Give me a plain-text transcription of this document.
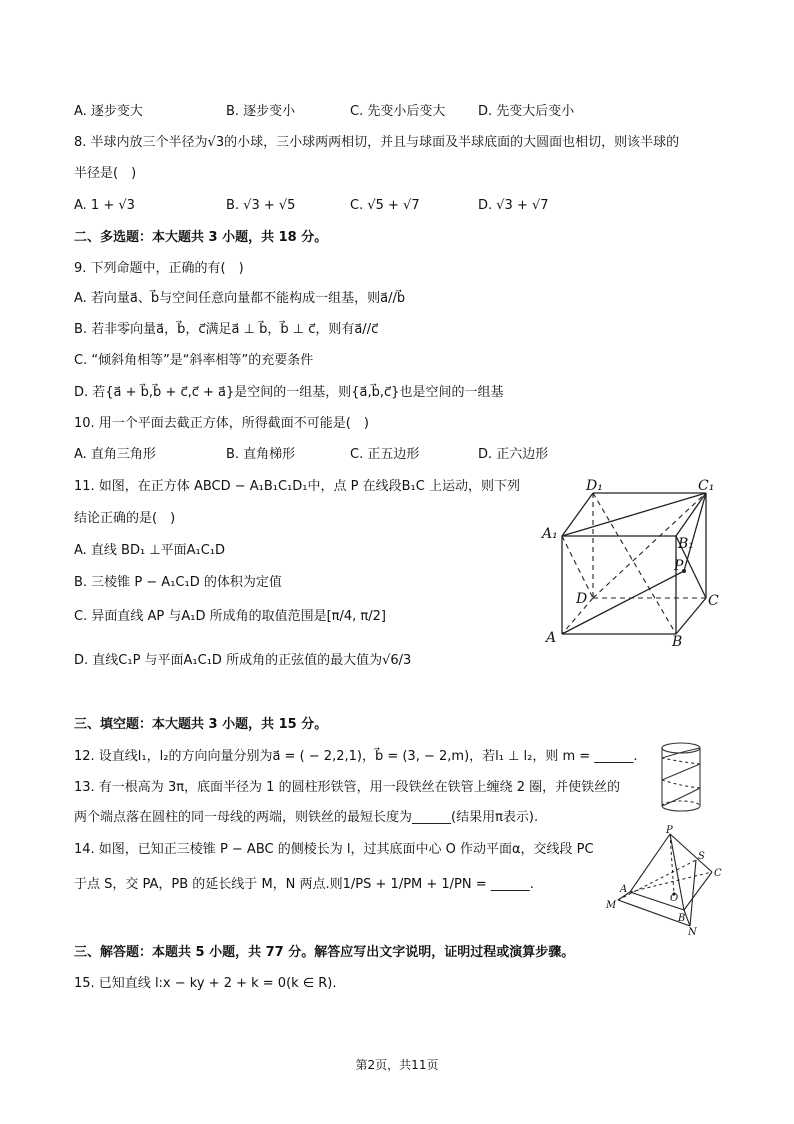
A. 逐步变大	B. 逐步变小	C. 先变小后变大	D. 先变大后变小
8. 半球内放三个半径为√3的小球，三小球两两相切，并且与球面及半球底面的大圆面也相切，则该半球的
半径是(　)
A. 1 + √3	B. √3 + √5	C. √5 + √7	D. √3 + √7
二、多选题：本大题共 3 小题，共 18 分。
9. 下列命题中，正确的有(　)
A. 若向量a⃗、b⃗与空间任意向量都不能构成一组基，则a⃗//b⃗
B. 若非零向量a⃗，b⃗，c⃗满足a⃗ ⊥ b⃗，b⃗ ⊥ c⃗，则有a⃗//c⃗
C. “倾斜角相等”是“斜率相等”的充要条件
D. 若{a⃗ + b⃗,b⃗ + c⃗,c⃗ + a⃗}是空间的一组基，则{a⃗,b⃗,c⃗}也是空间的一组基
10. 用一个平面去截正方体，所得截面不可能是(　)
A. 直角三角形	B. 直角梯形	C. 正五边形	D. 正六边形
11. 如图，在正方体 ABCD − A₁B₁C₁D₁中，点 P 在线段B₁C 上运动，则下列
结论正确的是(　)
A. 直线 BD₁ ⊥平面A₁C₁D
B. 三棱锥 P − A₁C₁D 的体积为定值
C. 异面直线 AP 与A₁D 所成角的取值范围是[π/4, π/2]
D. 直线C₁P 与平面A₁C₁D 所成角的正弦值的最大值为√6/3
D₁	C₁
A₁
B₁
P
D	C
A	B
三、填空题：本大题共 3 小题，共 15 分。
12. 设直线l₁，l₂的方向向量分别为a⃗ = ( − 2,2,1)，b⃗ = (3, − 2,m)，若l₁ ⊥ l₂，则 m = ______.
13. 有一根高为 3π，底面半径为 1 的圆柱形铁管，用一段铁丝在铁管上缠绕 2 圈，并使铁丝的
两个端点落在圆柱的同一母线的两端，则铁丝的最短长度为______(结果用π表示).
14. 如图，已知正三棱锥 P − ABC 的侧棱长为 l，过其底面中心 O 作动平面α，交线段 PC
于点 S，交 PA，PB 的延长线于 M，N 两点.则1/PS + 1/PM + 1/PN = ______.
P
S
C
A
O
M
B
N
三、解答题：本题共 5 小题，共 77 分。解答应写出文字说明，证明过程或演算步骤。
15. 已知直线 l:x − ky + 2 + k = 0(k ∈ R).
第2页，共11页
